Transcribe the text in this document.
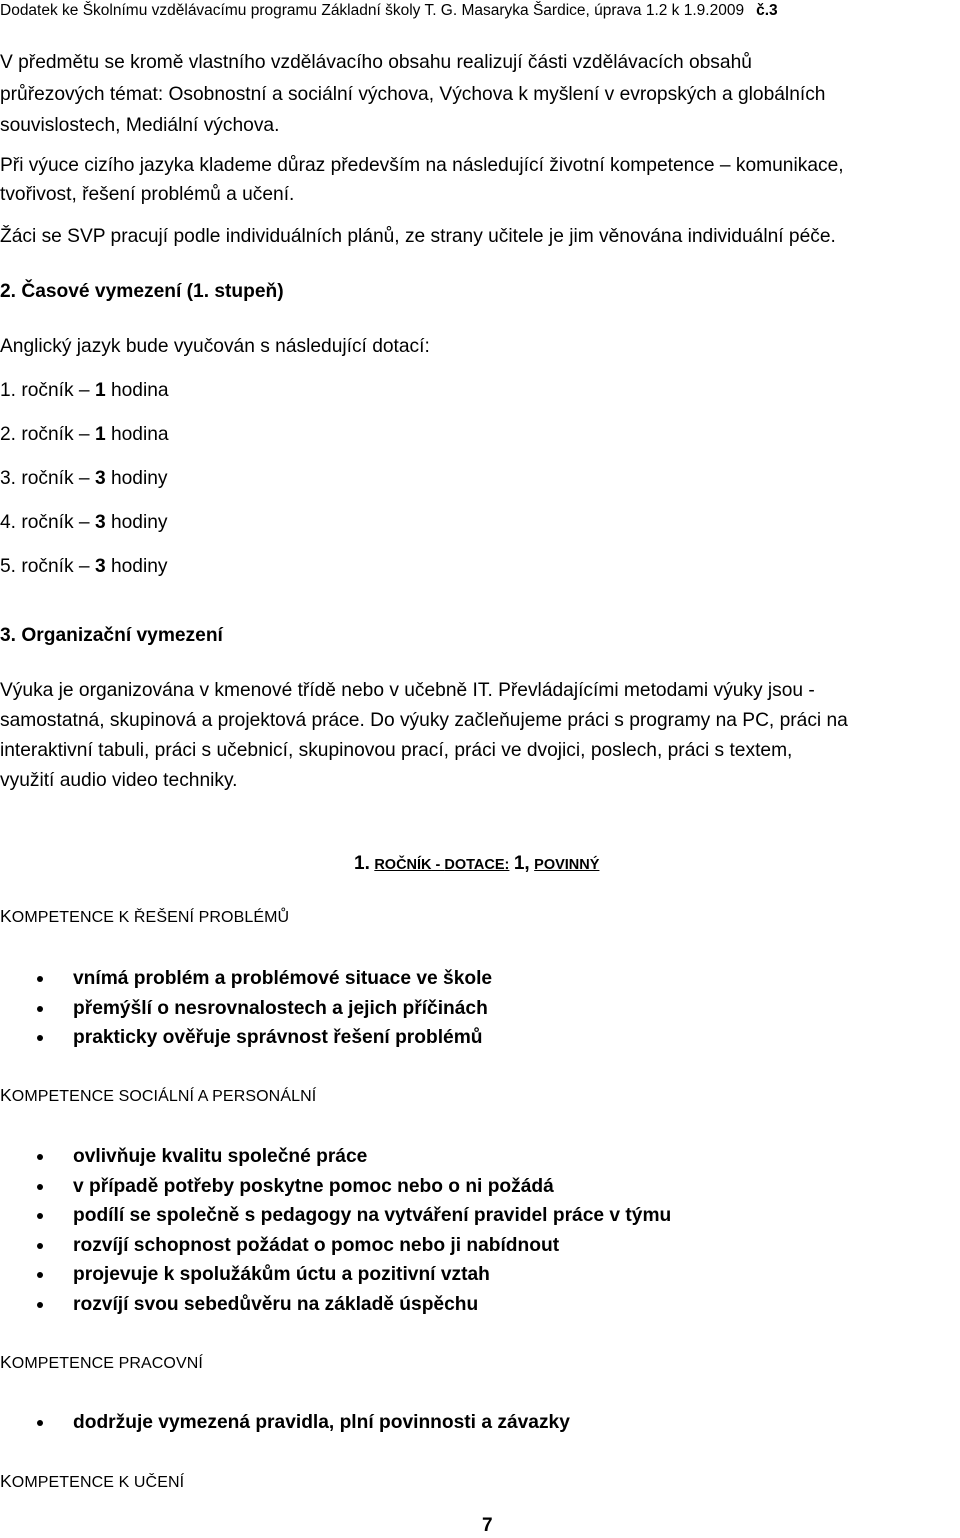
Dodatek ke Školnímu vzdělávacímu programu Základní školy T. G. Masaryka Šardice, úprava 1.2 k 1.9.2009 č.3
V předmětu se kromě vlastního vzdělávacího obsahu realizují části vzdělávacích obsahů
průřezových témat: Osobnostní a sociální výchova, Výchova k myšlení v evropských a globálních
souvislostech, Mediální výchova.
Při výuce cizího jazyka klademe důraz především na následující životní kompetence – komunikace,
tvořivost, řešení problémů a učení.
Žáci se SVP pracují podle individuálních plánů, ze strany učitele je jim věnována individuální péče.
2. Časové vymezení (1. stupeň)
Anglický jazyk bude vyučován s následující dotací:
1. ročník – 1 hodina
2. ročník – 1 hodina
3. ročník – 3 hodiny
4. ročník – 3 hodiny
5. ročník – 3 hodiny
3. Organizační vymezení
Výuka je organizována v kmenové třídě nebo v učebně IT. Převládajícími metodami výuky jsou -
samostatná, skupinová a projektová práce. Do výuky začleňujeme práci s programy na PC, práci na
interaktivní tabuli, práci s učebnicí, skupinovou prací, práci ve dvojici, poslech, práci s textem,
využití audio video techniky.
1. ROČNÍK - DOTACE: 1, POVINNÝ
KOMPETENCE K ŘEŠENÍ PROBLÉMŮ
vnímá problém a problémové situace ve škole
přemýšlí o nesrovnalostech a jejich příčinách
prakticky ověřuje správnost řešení problémů
KOMPETENCE SOCIÁLNÍ A PERSONÁLNÍ
ovlivňuje kvalitu společné práce
v případě potřeby poskytne pomoc nebo o ni požádá
podílí se společně s pedagogy na vytváření pravidel práce v týmu
rozvíjí schopnost požádat o pomoc nebo ji nabídnout
projevuje k spolužákům úctu a pozitivní vztah
rozvíjí svou sebedůvěru na základě úspěchu
KOMPETENCE PRACOVNÍ
dodržuje vymezená pravidla, plní povinnosti a závazky
KOMPETENCE K UČENÍ
7
